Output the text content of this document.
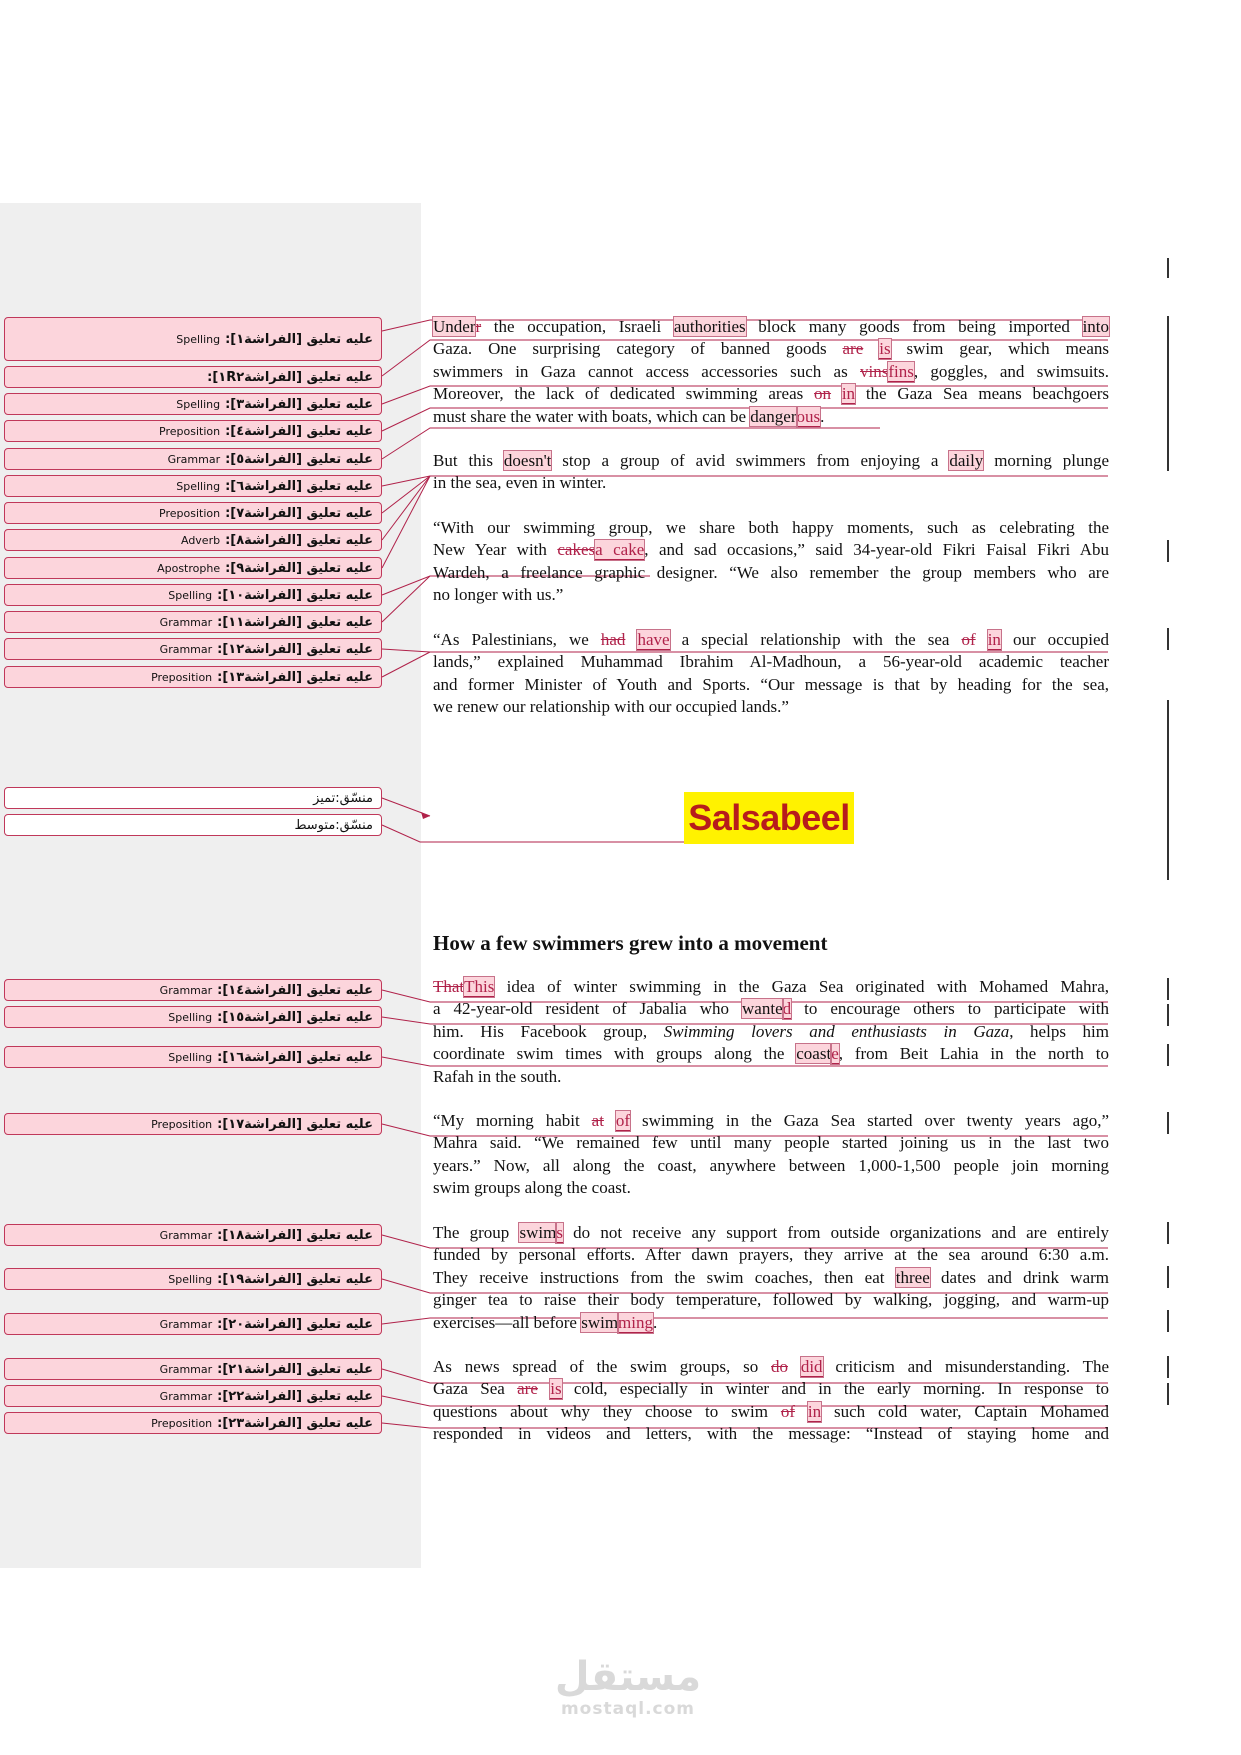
Spelling عليه تعليق [الفراشة١]:
عليه تعليق [الفراشة١R٢]:
Spelling عليه تعليق [الفراشة٣]:
Preposition عليه تعليق [الفراشة٤]:
Grammar عليه تعليق [الفراشة٥]:
Spelling عليه تعليق [الفراشة٦]:
Preposition عليه تعليق [الفراشة٧]:
Adverb عليه تعليق [الفراشة٨]:
Apostrophe عليه تعليق [الفراشة٩]:
Spelling عليه تعليق [الفراشة١٠]:
Grammar عليه تعليق [الفراشة١١]:
Grammar عليه تعليق [الفراشة١٢]:
Preposition عليه تعليق [الفراشة١٣]:
منسّق:تميز
منسّق:متوسط
Grammar عليه تعليق [الفراشة١٤]:
Spelling عليه تعليق [الفراشة١٥]:
Spelling عليه تعليق [الفراشة١٦]:
Preposition عليه تعليق [الفراشة١٧]:
Grammar عليه تعليق [الفراشة١٨]:
Spelling عليه تعليق [الفراشة١٩]:
Grammar عليه تعليق [الفراشة٢٠]:
Grammar عليه تعليق [الفراشة٢١]:
Grammar عليه تعليق [الفراشة٢٢]:
Preposition عليه تعليق [الفراشة٢٣]:

Underr the occupation, Israeli authorities block many goods from being imported into
Gaza. One surprising category of banned goods are is swim gear, which means
swimmers in Gaza cannot access accessories such as vinsfins, goggles, and swimsuits.
Moreover, the lack of dedicated swimming areas on in the Gaza Sea means beachgoers
must share the water with boats, which can be dangerous.

But this doesn't stop a group of avid swimmers from enjoying a daily morning plunge
in the sea, even in winter.

“With our swimming group, we share both happy moments, such as celebrating the
New Year with cakesa cake, and sad occasions,” said 34-year-old Fikri Faisal Fikri Abu
Wardeh, a freelance graphic designer. “We also remember the group members who are
no longer with us.”

“As Palestinians, we had have a special relationship with the sea of in our occupied
lands,” explained Muhammad Ibrahim Al-Madhoun, a 56-year-old academic teacher
and former Minister of Youth and Sports. “Our message is that by heading for the sea,
we renew our relationship with our occupied lands.”

Salsabeel
How a few swimmers grew into a movement

ThatThis idea of winter swimming in the Gaza Sea originated with Mohamed Mahra,
a 42-year-old resident of Jabalia who wanted to encourage others to participate with
him. His Facebook group, Swimming lovers and enthusiasts in Gaza, helps him
coordinate swim times with groups along the coaste, from Beit Lahia in the north to
Rafah in the south.

“My morning habit at of swimming in the Gaza Sea started over twenty years ago,”
Mahra said. “We remained few until many people started joining us in the last two
years.” Now, all along the coast, anywhere between 1,000-1,500 people join morning
swim groups along the coast.

The group swims do not receive any support from outside organizations and are entirely
funded by personal efforts. After dawn prayers, they arrive at the sea around 6:30 a.m.
They receive instructions from the swim coaches, then eat three dates and drink warm
ginger tea to raise their body temperature, followed by walking, jogging, and warm-up
exercises—all before swimming.

As news spread of the swim groups, so do did criticism and misunderstanding. The
Gaza Sea are is cold, especially in winter and in the early morning. In response to
questions about why they choose to swim of in such cold water, Captain Mohamed
responded in videos and letters, with the message: “Instead of staying home and

مستقل
mostaql.com
